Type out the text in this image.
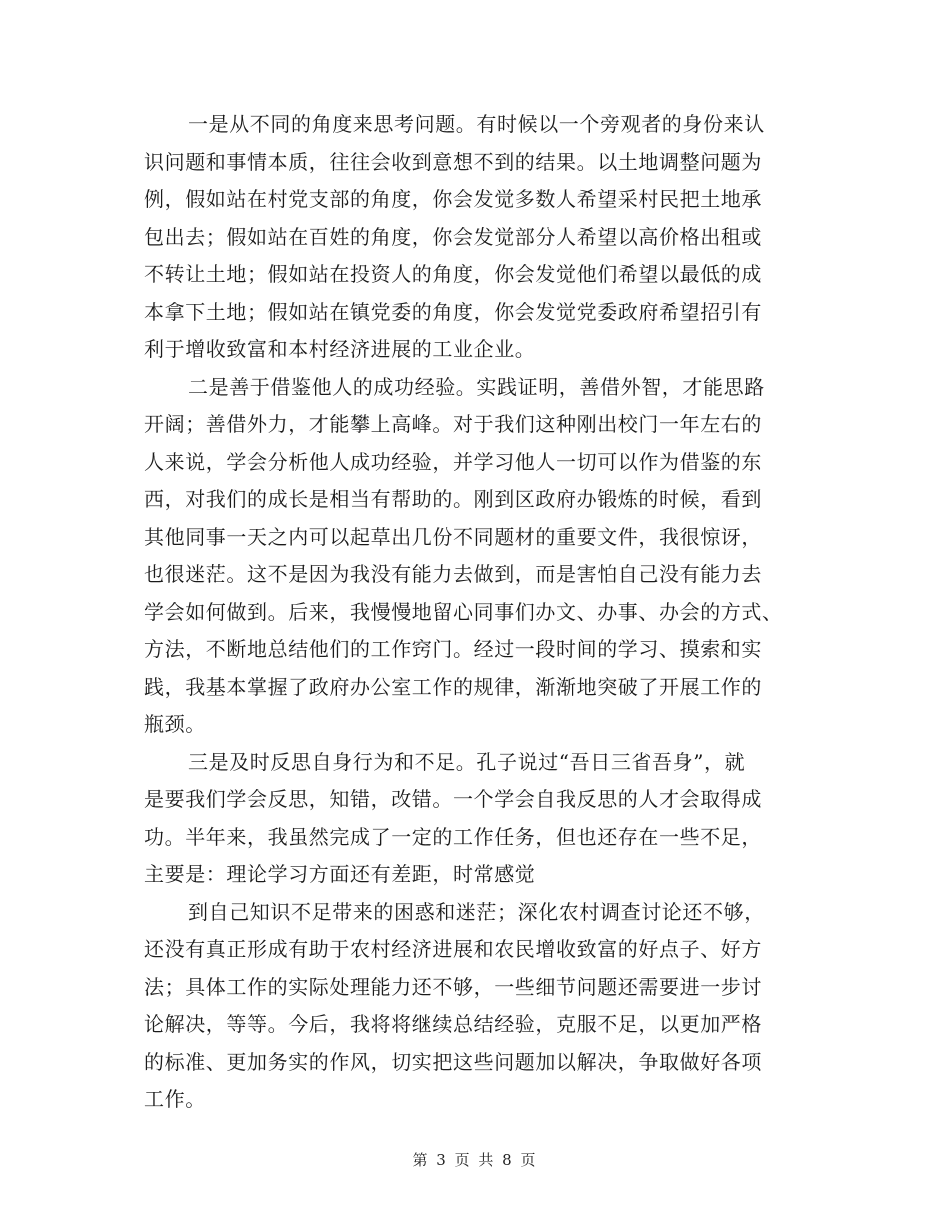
一是从不同的角度来思考问题。有时候以一个旁观者的身份来认
识问题和事情本质，往往会收到意想不到的结果。以土地调整问题为
例，假如站在村党支部的角度，你会发觉多数人希望采村民把土地承
包出去；假如站在百姓的角度，你会发觉部分人希望以高价格出租或
不转让土地；假如站在投资人的角度，你会发觉他们希望以最低的成
本拿下土地；假如站在镇党委的角度，你会发觉党委政府希望招引有
利于增收致富和本村经济进展的工业企业。
二是善于借鉴他人的成功经验。实践证明，善借外智，才能思路
开阔；善借外力，才能攀上高峰。对于我们这种刚出校门一年左右的
人来说，学会分析他人成功经验，并学习他人一切可以作为借鉴的东
西，对我们的成长是相当有帮助的。刚到区政府办锻炼的时候，看到
其他同事一天之内可以起草出几份不同题材的重要文件，我很惊讶，
也很迷茫。这不是因为我没有能力去做到，而是害怕自己没有能力去
学会如何做到。后来，我慢慢地留心同事们办文、办事、办会的方式、
方法，不断地总结他们的工作窍门。经过一段时间的学习、摸索和实
践，我基本掌握了政府办公室工作的规律，渐渐地突破了开展工作的
瓶颈。
三是及时反思自身行为和不足。孔子说过“吾日三省吾身”，就
是要我们学会反思，知错，改错。一个学会自我反思的人才会取得成
功。半年来，我虽然完成了一定的工作任务，但也还存在一些不足，
主要是：理论学习方面还有差距，时常感觉
到自己知识不足带来的困惑和迷茫；深化农村调查讨论还不够，
还没有真正形成有助于农村经济进展和农民增收致富的好点子、好方
法；具体工作的实际处理能力还不够，一些细节问题还需要进一步讨
论解决，等等。今后，我将将继续总结经验，克服不足，以更加严格
的标准、更加务实的作风，切实把这些问题加以解决，争取做好各项
工作。
第 3 页 共 8 页
